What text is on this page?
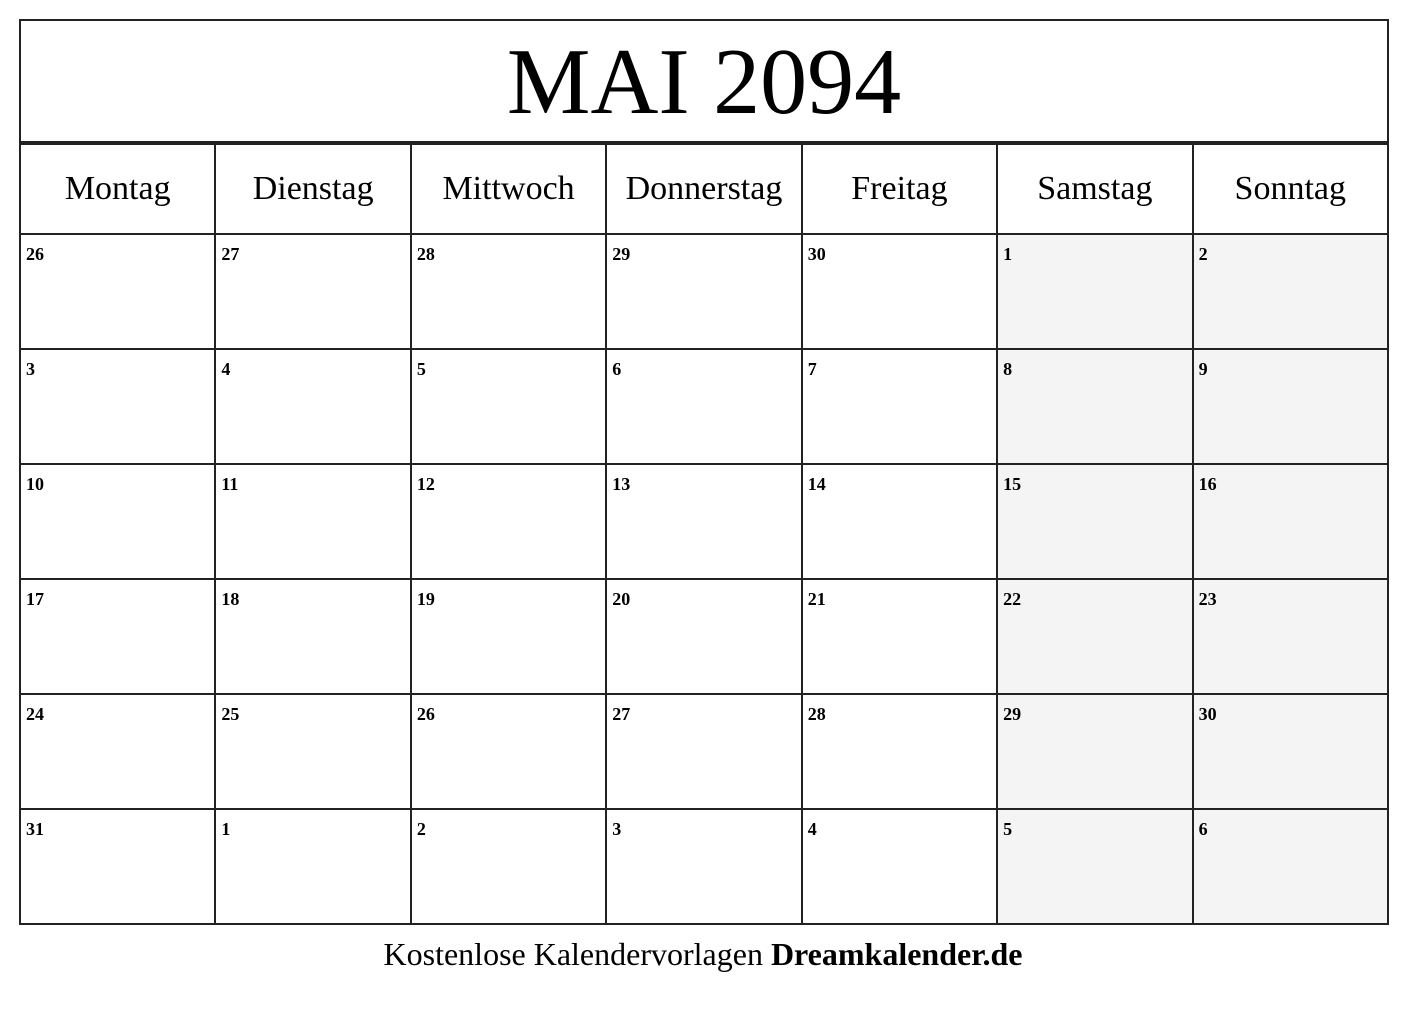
MAI 2094
Montag	Dienstag	Mittwoch	Donnerstag	Freitag	Samstag	Sonntag
26	27	28	29	30	1	2
3	4	5	6	7	8	9
10	11	12	13	14	15	16
17	18	19	20	21	22	23
24	25	26	27	28	29	30
31	1	2	3	4	5	6
Kostenlose Kalendervorlagen Dreamkalender.de
